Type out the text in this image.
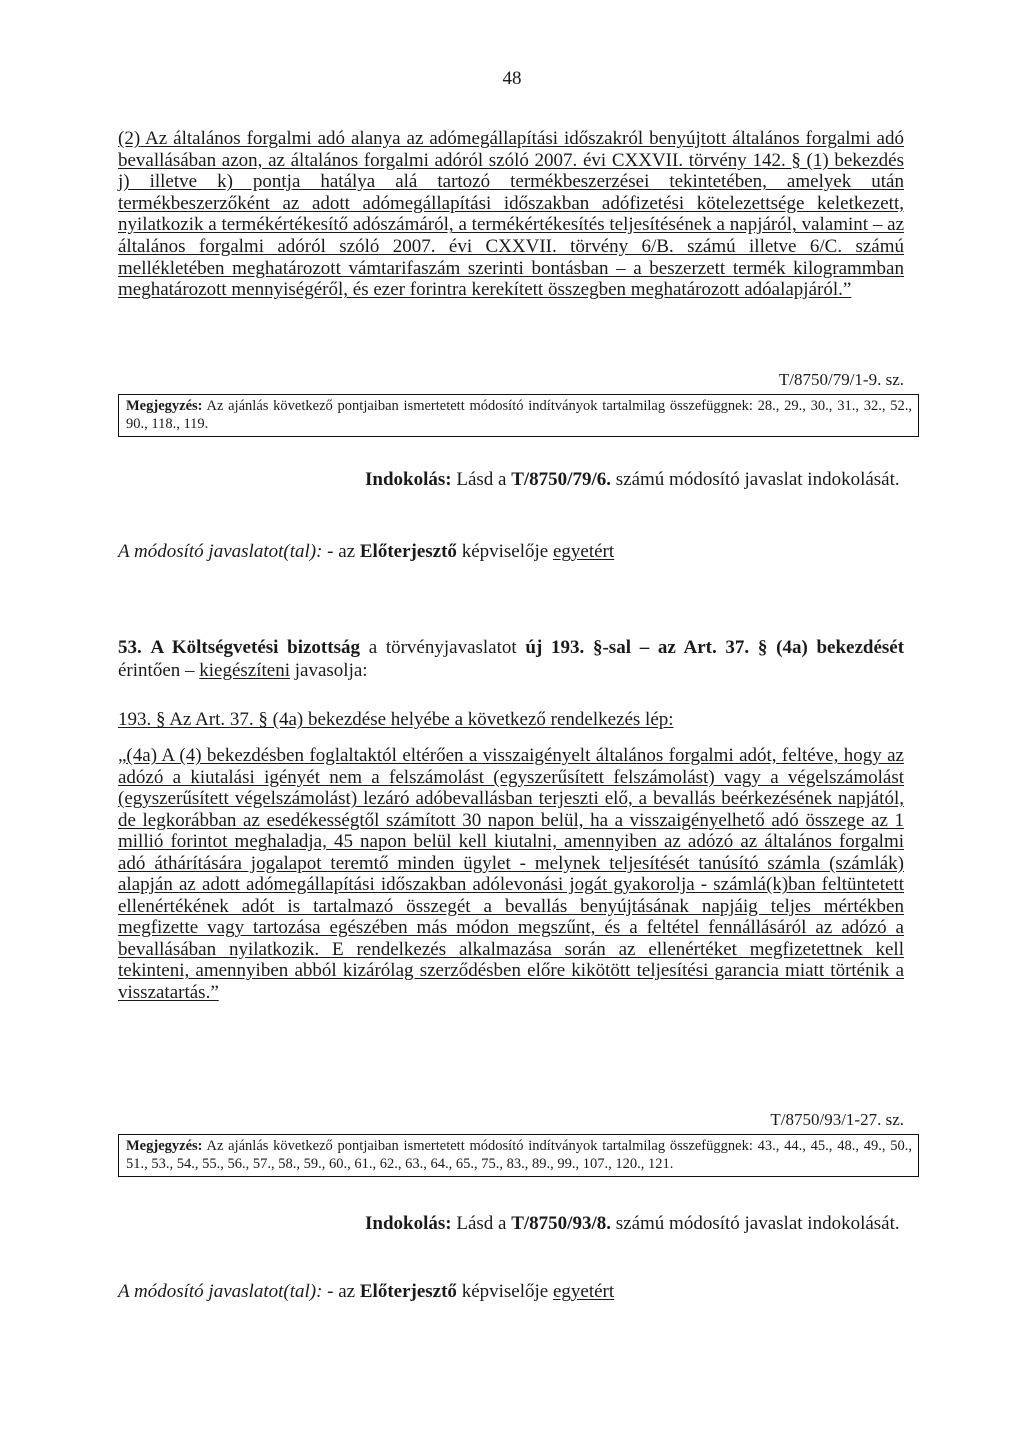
48
(2) Az általános forgalmi adó alanya az adómegállapítási időszakról benyújtott általános forgalmi adó bevallásában azon, az általános forgalmi adóról szóló 2007. évi CXXVII. törvény 142. § (1) bekezdés j) illetve k) pontja hatálya alá tartozó termékbeszerzései tekintetében, amelyek után termékbeszerzőként az adott adómegállapítási időszakban adófizetési kötelezettsége keletkezett, nyilatkozik a termékértékesítő adószámáról, a termékértékesítés teljesítésének a napjáról, valamint – az általános forgalmi adóról szóló 2007. évi CXXVII. törvény 6/B. számú illetve 6/C. számú mellékletében meghatározott vámtarifaszám szerinti bontásban – a beszerzett termék kilogrammban meghatározott mennyiségéről, és ezer forintra kerekített összegben meghatározott adóalapjáról.”
T/8750/79/1-9. sz.
Megjegyzés: Az ajánlás következő pontjaiban ismertetett módosító indítványok tartalmilag összefüggnek: 28., 29., 30., 31., 32., 52., 90., 118., 119.
Indokolás: Lásd a T/8750/79/6. számú módosító javaslat indokolását.
A módosító javaslatot(tal): - az Előterjesztő képviselője egyetért
53. A Költségvetési bizottság a törvényjavaslatot új 193. §-sal – az Art. 37. § (4a) bekezdését érintően – kiegészíteni javasolja:
193. § Az Art. 37. § (4a) bekezdése helyébe a következő rendelkezés lép:
„(4a) A (4) bekezdésben foglaltaktól eltérően a visszaigényelt általános forgalmi adót, feltéve, hogy az adózó a kiutalási igényét nem a felszámolást (egyszerűsített felszámolást) vagy a végelszámolást (egyszerűsített végelszámolást) lezáró adóbevallásban terjeszti elő, a bevallás beérkezésének napjától, de legkorábban az esedékességtől számított 30 napon belül, ha a visszaigényelhető adó összege az 1 millió forintot meghaladja, 45 napon belül kell kiutalni, amennyiben az adózó az általános forgalmi adó áthárítására jogalapot teremtő minden ügylet - melynek teljesítését tanúsító számla (számlák) alapján az adott adómegállapítási időszakban adólevonási jogát gyakorolja - számlá(k)ban feltüntetett ellenértékének adót is tartalmazó összegét a bevallás benyújtásának napjáig teljes mértékben megfizette vagy tartozása egészében más módon megszűnt, és a feltétel fennállásáról az adózó a bevallásában nyilatkozik. E rendelkezés alkalmazása során az ellenértéket megfizetettnek kell tekinteni, amennyiben abból kizárólag szerződésben előre kikötött teljesítési garancia miatt történik a visszatartás.”
T/8750/93/1-27. sz.
Megjegyzés: Az ajánlás következő pontjaiban ismertetett módosító indítványok tartalmilag összefüggnek: 43., 44., 45., 48., 49., 50., 51., 53., 54., 55., 56., 57., 58., 59., 60., 61., 62., 63., 64., 65., 75., 83., 89., 99., 107., 120., 121.
Indokolás: Lásd a T/8750/93/8. számú módosító javaslat indokolását.
A módosító javaslatot(tal): - az Előterjesztő képviselője egyetért
